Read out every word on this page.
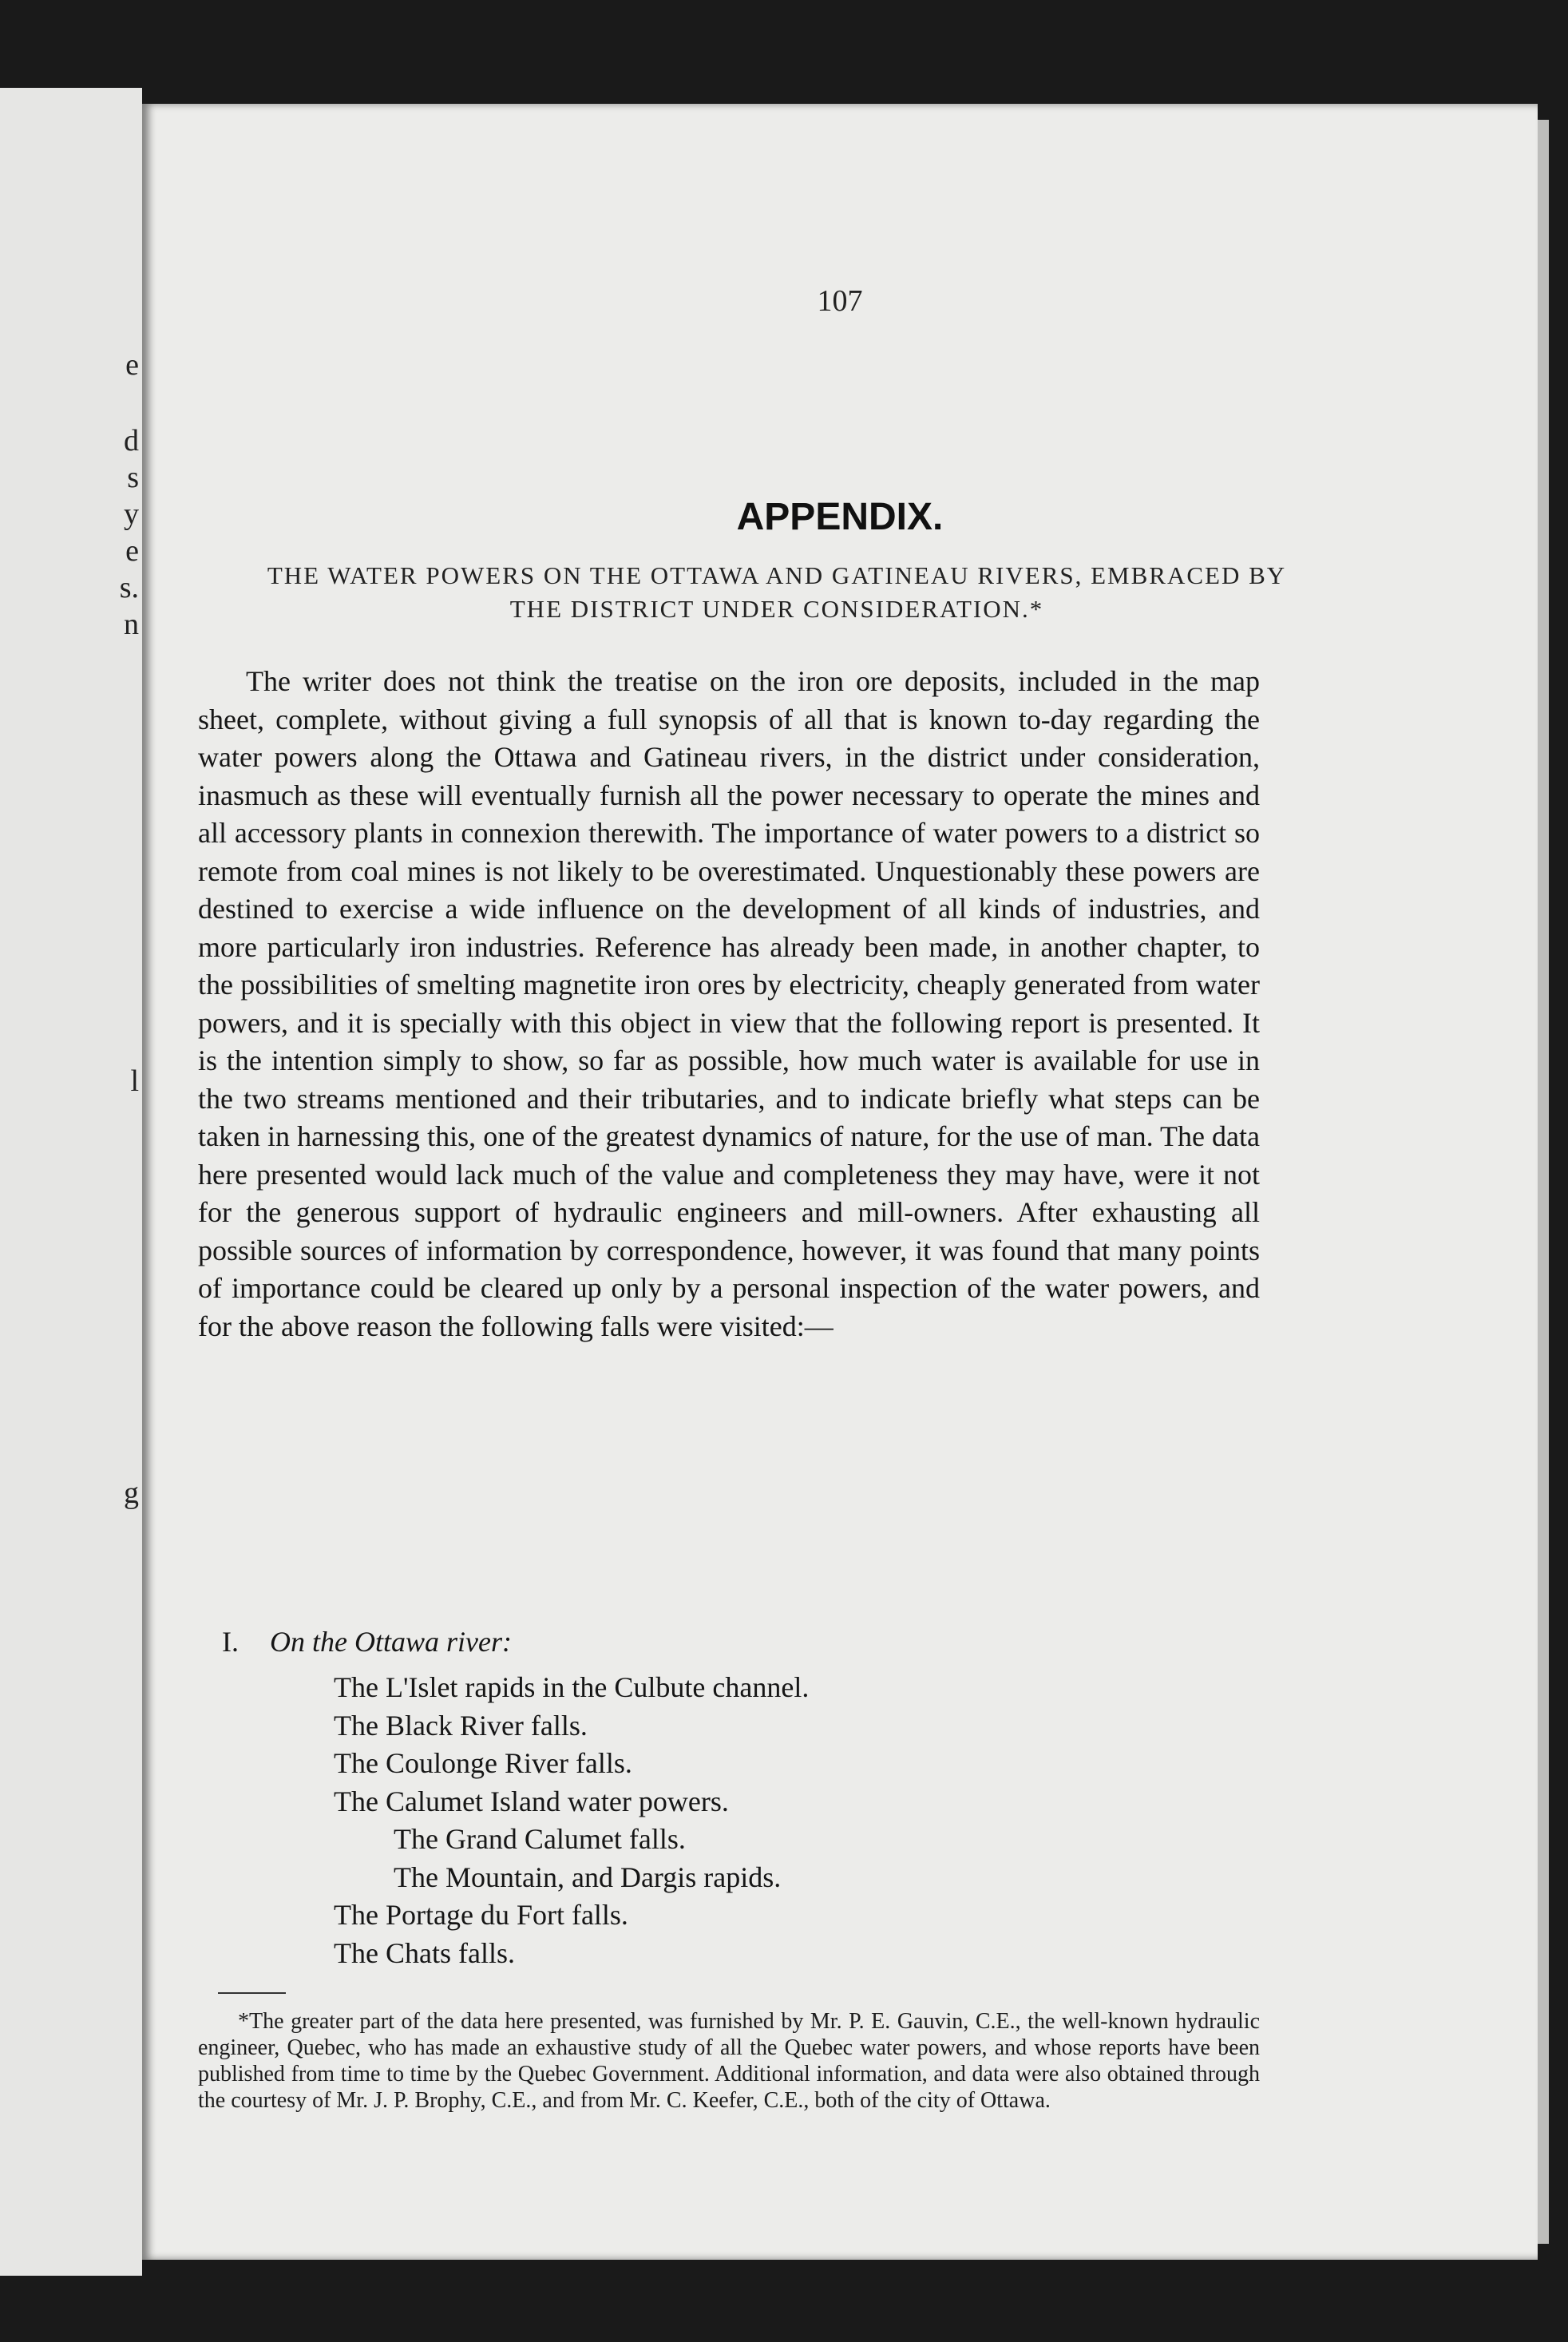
e
d
s
y
e
s.
n
l
g
107
APPENDIX.
THE WATER POWERS ON THE OTTAWA AND GATINEAU RIVERS, EMBRACED BY THE DISTRICT UNDER CONSIDERATION.*

The writer does not think the treatise on the iron ore deposits, included in the map sheet, complete, without giving a full synopsis of all that is known to-day regarding the water powers along the Ottawa and Gatineau rivers, in the district under consideration, inasmuch as these will eventually furnish all the power necessary to operate the mines and all accessory plants in connexion therewith. The importance of water powers to a district so remote from coal mines is not likely to be overestimated. Unquestionably these powers are destined to exercise a wide influence on the development of all kinds of industries, and more particularly iron industries. Reference has already been made, in another chapter, to the possibilities of smelting magnetite iron ores by electricity, cheaply generated from water powers, and it is specially with this object in view that the following report is presented. It is the intention simply to show, so far as possible, how much water is available for use in the two streams mentioned and their tributaries, and to indicate briefly what steps can be taken in harnessing this, one of the greatest dynamics of nature, for the use of man. The data here presented would lack much of the value and completeness they may have, were it not for the generous support of hydraulic engineers and mill-owners. After exhausting all possible sources of information by correspondence, however, it was found that many points of importance could be cleared up only by a personal inspection of the water powers, and for the above reason the following falls were visited:—

I. On the Ottawa river:
The L'Islet rapids in the Culbute channel.
The Black River falls.
The Coulonge River falls.
The Calumet Island water powers.
The Grand Calumet falls.
The Mountain, and Dargis rapids.
The Portage du Fort falls.
The Chats falls.

*The greater part of the data here presented, was furnished by Mr. P. E. Gauvin, C.E., the well-known hydraulic engineer, Quebec, who has made an exhaustive study of all the Quebec water powers, and whose reports have been published from time to time by the Quebec Government. Additional information, and data were also obtained through the courtesy of Mr. J. P. Brophy, C.E., and from Mr. C. Keefer, C.E., both of the city of Ottawa.
